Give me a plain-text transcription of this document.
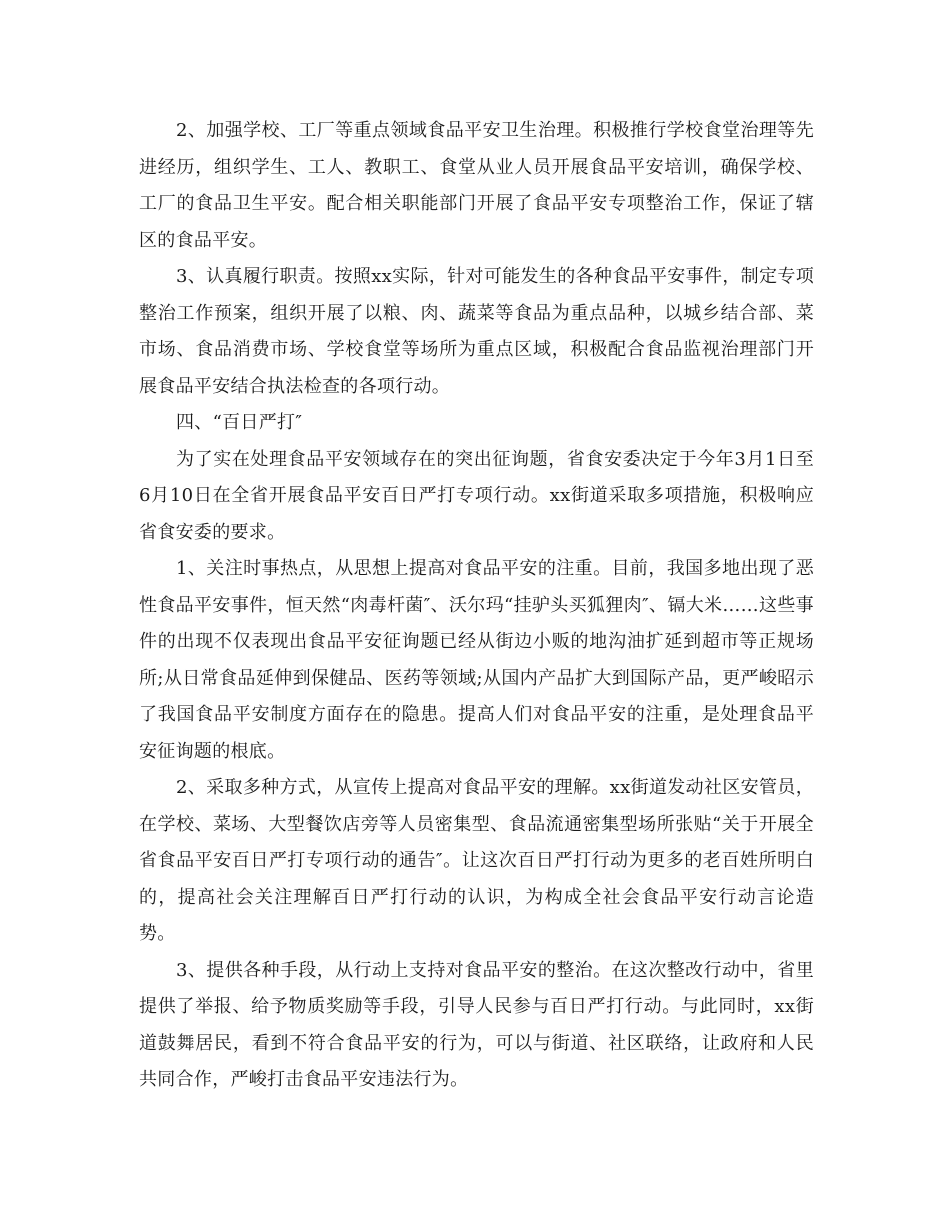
2、加强学校、工厂等重点领域食品平安卫生治理。积极推行学校食堂治理等先进经历，组织学生、工人、教职工、食堂从业人员开展食品平安培训，确保学校、工厂的食品卫生平安。配合相关职能部门开展了食品平安专项整治工作，保证了辖区的食品平安。

3、认真履行职责。按照xx实际，针对可能发生的各种食品平安事件，制定专项整治工作预案，组织开展了以粮、肉、蔬菜等食品为重点品种，以城乡结合部、菜市场、食品消费市场、学校食堂等场所为重点区域，积极配合食品监视治理部门开展食品平安结合执法检查的各项行动。

四、“百日严打″

为了实在处理食品平安领域存在的突出征询题，省食安委决定于今年3月1日至6月10日在全省开展食品平安百日严打专项行动。xx街道采取多项措施，积极响应省食安委的要求。

1、关注时事热点，从思想上提高对食品平安的注重。目前，我国多地出现了恶性食品平安事件，恒天然“肉毒杆菌″、沃尔玛“挂驴头买狐狸肉″、镉大米……这些事件的出现不仅表现出食品平安征询题已经从街边小贩的地沟油扩延到超市等正规场所;从日常食品延伸到保健品、医药等领域;从国内产品扩大到国际产品，更严峻昭示了我国食品平安制度方面存在的隐患。提高人们对食品平安的注重，是处理食品平安征询题的根底。

2、采取多种方式，从宣传上提高对食品平安的理解。xx街道发动社区安管员，在学校、菜场、大型餐饮店旁等人员密集型、食品流通密集型场所张贴“关于开展全省食品平安百日严打专项行动的通告″。让这次百日严打行动为更多的老百姓所明白的，提高社会关注理解百日严打行动的认识，为构成全社会食品平安行动言论造势。

3、提供各种手段，从行动上支持对食品平安的整治。在这次整改行动中，省里提供了举报、给予物质奖励等手段，引导人民参与百日严打行动。与此同时，xx街道鼓舞居民，看到不符合食品平安的行为，可以与街道、社区联络，让政府和人民共同合作，严峻打击食品平安违法行为。
